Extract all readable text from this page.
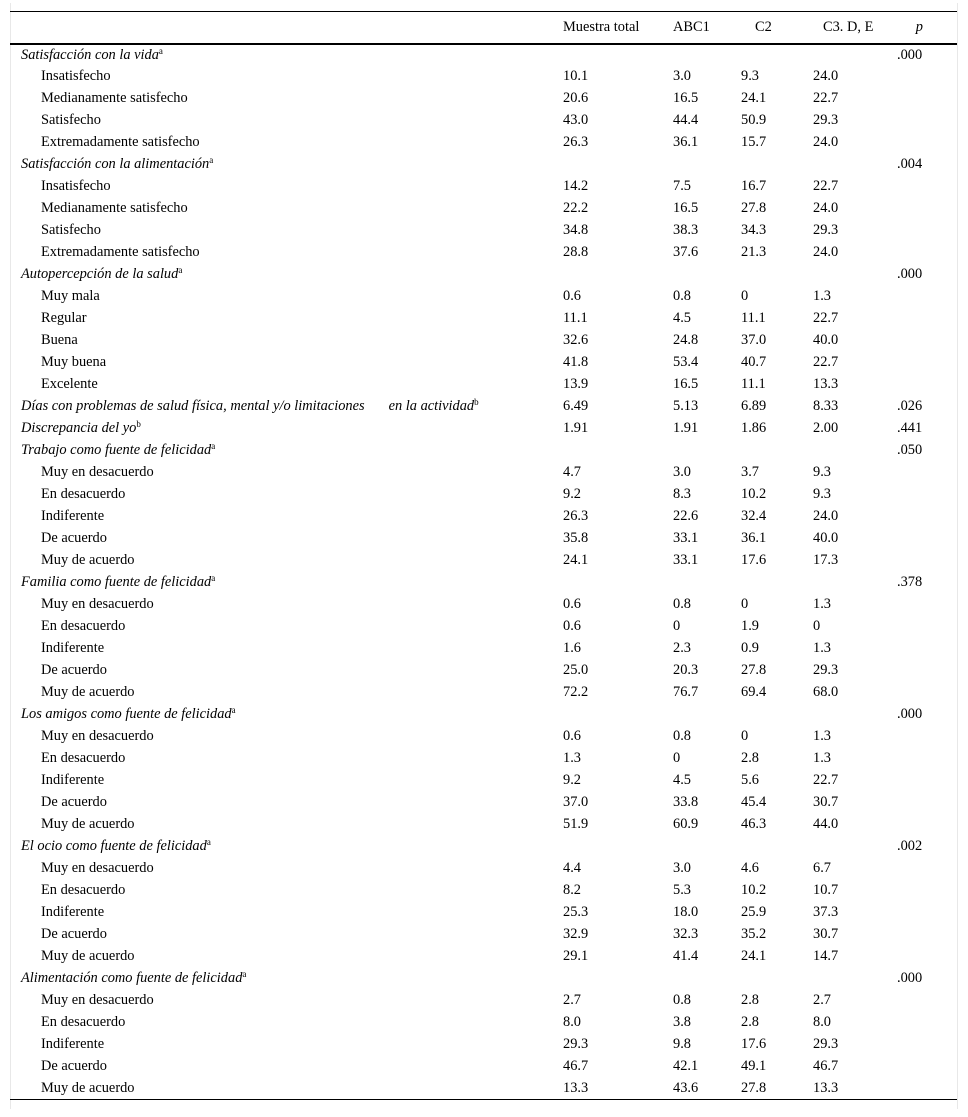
	Muestra total	ABC1	C2	C3. D, E	p
Satisfacción con la vida$^a$					.000
Insatisfecho	10.1	3.0	9.3	24.0	
Medianamente satisfecho	20.6	16.5	24.1	22.7	
Satisfecho	43.0	44.4	50.9	29.3	
Extremadamente satisfecho	26.3	36.1	15.7	24.0	
Satisfacción con la alimentación$^a$					.004
Insatisfecho	14.2	7.5	16.7	22.7	
Medianamente satisfecho	22.2	16.5	27.8	24.0	
Satisfecho	34.8	38.3	34.3	29.3	
Extremadamente satisfecho	28.8	37.6	21.3	24.0	
Autopercepción de la salud$^a$					.000
Muy mala	0.6	0.8	0	1.3	
Regular	11.1	4.5	11.1	22.7	
Buena	32.6	24.8	37.0	40.0	
Muy buena	41.8	53.4	40.7	22.7	
Excelente	13.9	16.5	11.1	13.3	
Días con problemas de salud física, mental y/o limitaciones en la actividad$^b$	6.49	5.13	6.89	8.33	.026
Discrepancia del $yo^b$	1.91	1.91	1.86	2.00	.441
Trabajo como fuente de felicidad$^a$					.050
Muy en desacuerdo	4.7	3.0	3.7	9.3	
En desacuerdo	9.2	8.3	10.2	9.3	
Indiferente	26.3	22.6	32.4	24.0	
De acuerdo	35.8	33.1	36.1	40.0	
Muy de acuerdo	24.1	33.1	17.6	17.3	
Familia como fuente de felicidad$^a$					.378
Muy en desacuerdo	0.6	0.8	0	1.3	
En desacuerdo	0.6	0	1.9	0	
Indiferente	1.6	2.3	0.9	1.3	
De acuerdo	25.0	20.3	27.8	29.3	
Muy de acuerdo	72.2	76.7	69.4	68.0	
Los amigos como fuente de felicidad$^a$					.000
Muy en desacuerdo	0.6	0.8	0	1.3	
En desacuerdo	1.3	0	2.8	1.3	
Indiferente	9.2	4.5	5.6	22.7	
De acuerdo	37.0	33.8	45.4	30.7	
Muy de acuerdo	51.9	60.9	46.3	44.0	
El ocio como fuente de felicidad$^a$					.002
Muy en desacuerdo	4.4	3.0	4.6	6.7	
En desacuerdo	8.2	5.3	10.2	10.7	
Indiferente	25.3	18.0	25.9	37.3	
De acuerdo	32.9	32.3	35.2	30.7	
Muy de acuerdo	29.1	41.4	24.1	14.7	
Alimentación como fuente de felicidad$^a$					.000
Muy en desacuerdo	2.7	0.8	2.8	2.7	
En desacuerdo	8.0	3.8	2.8	8.0	
Indiferente	29.3	9.8	17.6	29.3	
De acuerdo	46.7	42.1	49.1	46.7	
Muy de acuerdo	13.3	43.6	27.8	13.3	
